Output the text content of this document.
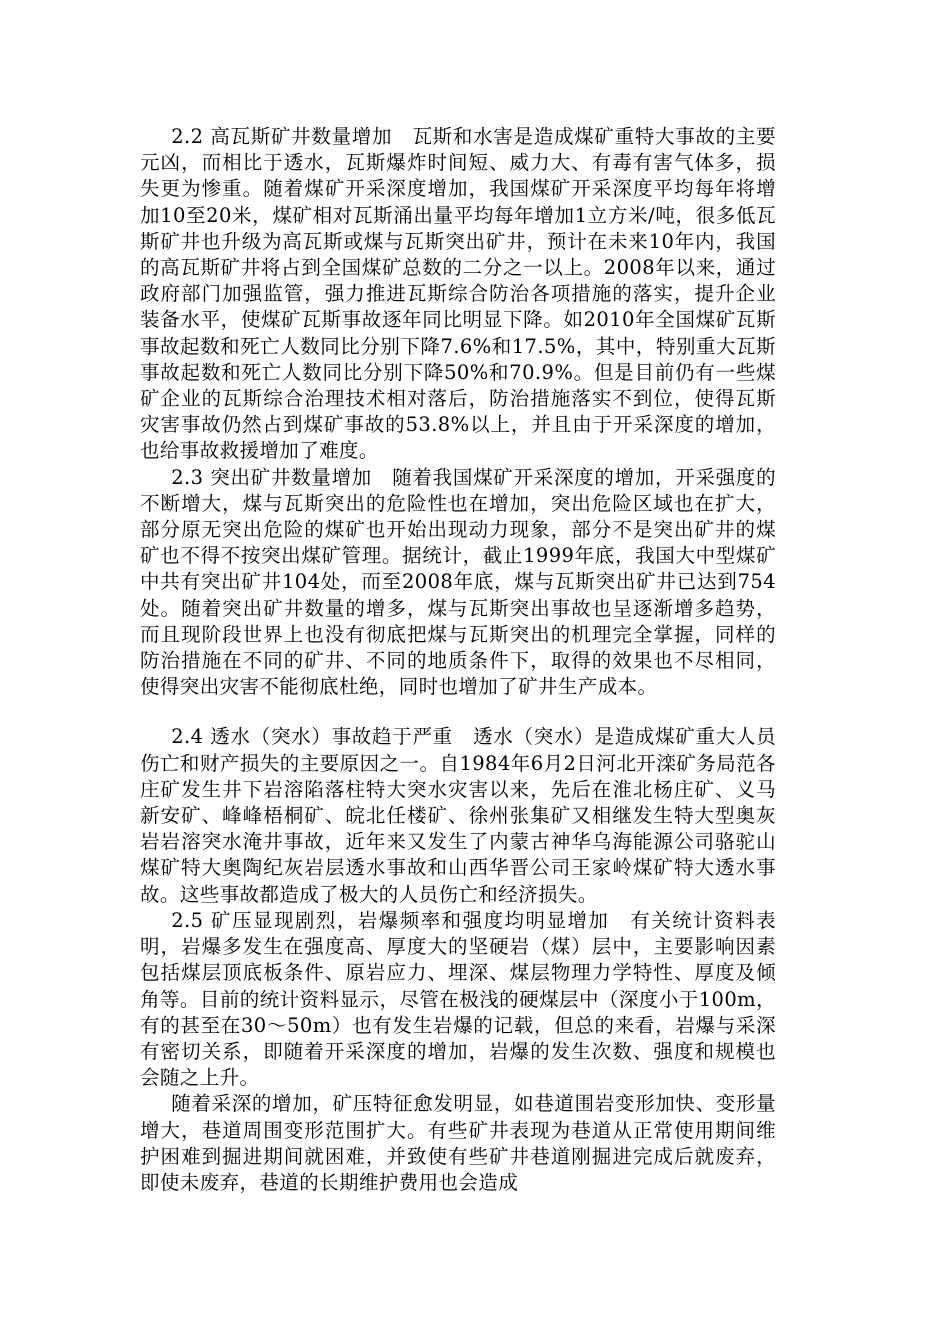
2.2 高瓦斯矿井数量增加　瓦斯和水害是造成煤矿重特大事故的主要元凶，而相比于透水，瓦斯爆炸时间短、威力大、有毒有害气体多，损失更为惨重。随着煤矿开采深度增加，我国煤矿开采深度平均每年将增加10至20米，煤矿相对瓦斯涌出量平均每年增加1立方米/吨，很多低瓦斯矿井也升级为高瓦斯或煤与瓦斯突出矿井，预计在未来10年内，我国的高瓦斯矿井将占到全国煤矿总数的二分之一以上。2008年以来，通过政府部门加强监管，强力推进瓦斯综合防治各项措施的落实，提升企业装备水平，使煤矿瓦斯事故逐年同比明显下降。如2010年全国煤矿瓦斯事故起数和死亡人数同比分别下降7.6%和17.5%，其中，特别重大瓦斯事故起数和死亡人数同比分别下降50%和70.9%。但是目前仍有一些煤矿企业的瓦斯综合治理技术相对落后，防治措施落实不到位，使得瓦斯灾害事故仍然占到煤矿事故的53.8%以上，并且由于开采深度的增加，也给事故救援增加了难度。

2.3 突出矿井数量增加　随着我国煤矿开采深度的增加，开采强度的不断增大，煤与瓦斯突出的危险性也在增加，突出危险区域也在扩大，部分原无突出危险的煤矿也开始出现动力现象，部分不是突出矿井的煤矿也不得不按突出煤矿管理。据统计，截止1999年底，我国大中型煤矿中共有突出矿井104处，而至2008年底，煤与瓦斯突出矿井已达到754处。随着突出矿井数量的增多，煤与瓦斯突出事故也呈逐渐增多趋势，而且现阶段世界上也没有彻底把煤与瓦斯突出的机理完全掌握，同样的防治措施在不同的矿井、不同的地质条件下，取得的效果也不尽相同，使得突出灾害不能彻底杜绝，同时也增加了矿井生产成本。

2.4 透水（突水）事故趋于严重　透水（突水）是造成煤矿重大人员伤亡和财产损失的主要原因之一。自1984年6月2日河北开滦矿务局范各庄矿发生井下岩溶陷落柱特大突水灾害以来，先后在淮北杨庄矿、义马新安矿、峰峰梧桐矿、皖北任楼矿、徐州张集矿又相继发生特大型奥灰岩岩溶突水淹井事故，近年来又发生了内蒙古神华乌海能源公司骆驼山煤矿特大奥陶纪灰岩层透水事故和山西华晋公司王家岭煤矿特大透水事故。这些事故都造成了极大的人员伤亡和经济损失。

2.5 矿压显现剧烈，岩爆频率和强度均明显增加　有关统计资料表明，岩爆多发生在强度高、厚度大的坚硬岩（煤）层中，主要影响因素包括煤层顶底板条件、原岩应力、埋深、煤层物理力学特性、厚度及倾角等。目前的统计资料显示，尽管在极浅的硬煤层中（深度小于100m，有的甚至在30～50m）也有发生岩爆的记载，但总的来看，岩爆与采深有密切关系，即随着开采深度的增加，岩爆的发生次数、强度和规模也会随之上升。

随着采深的增加，矿压特征愈发明显，如巷道围岩变形加快、变形量增大，巷道周围变形范围扩大。有些矿井表现为巷道从正常使用期间维护困难到掘进期间就困难，并致使有些矿井巷道刚掘进完成后就废弃，即使未废弃，巷道的长期维护费用也会造成
